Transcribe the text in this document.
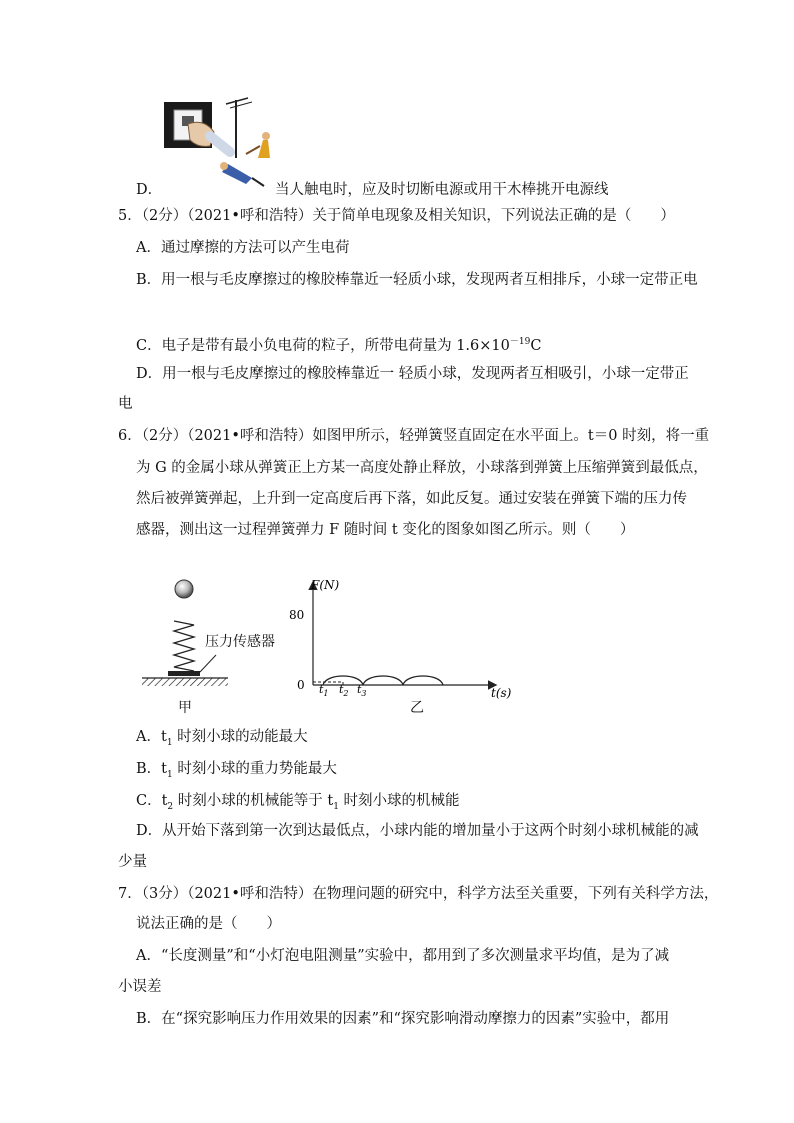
D．	当人触电时，应及时切断电源或用干木棒挑开电源线
5．（2分）（2021•呼和浩特）关于简单电现象及相关知识，下列说法正确的是（　　）
A．通过摩擦的方法可以产生电荷
B．用一根与毛皮摩擦过的橡胶棒靠近一轻质小球，发现两者互相排斥，小球一定带正电
C．电子是带有最小负电荷的粒子，所带电荷量为 $1.6\times 10^{-19}C$
D．用一根与毛皮摩擦过的橡胶棒靠近一 轻质小球，发现两者互相吸引，小球一定带正
电
6．（2分）（2021•呼和浩特）如图甲所示，轻弹簧竖直固定在水平面上。t＝0 时刻，将一重
为 G 的金属小球从弹簧正上方某一高度处静止释放，小球落到弹簧上压缩弹簧到最低点，
然后被弹簧弹起，上升到一定高度后再下落，如此反复。通过安装在弹簧下端的压力传
感器，测出这一过程弹簧弹力 F 随时间 t 变化的图象如图乙所示。则（　　）
压力传感器
甲
F(N)
t(s)
0
80
$t_1$ $t_2$ $t_3$
乙
A．$t_1$ 时刻小球的动能最大
B．$t_1$ 时刻小球的重力势能最大
C．$t_2$ 时刻小球的机械能等于 $t_1$ 时刻小球的机械能
D．从开始下落到第一次到达最低点，小球内能的增加量小于这两个时刻小球机械能的减
少量
7．（3分）（2021•呼和浩特）在物理问题的研究中，科学方法至关重要，下列有关科学方法，
说法正确的是（　　）
A．“长度测量”和“小灯泡电阻测量”实验中，都用到了多次测量求平均值，是为了减
小误差
B．在“探究影响压力作用效果的因素”和“探究影响滑动摩擦力的因素”实验中，都用
